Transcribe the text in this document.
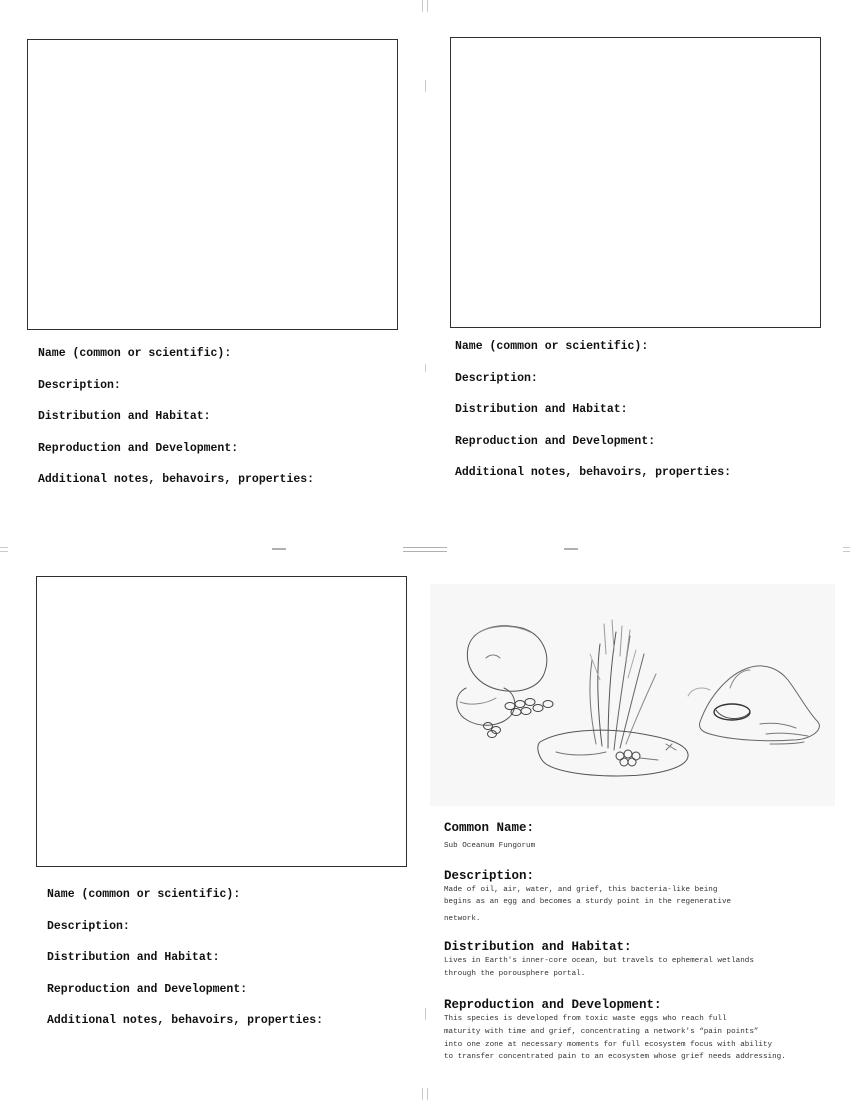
Name (common or scientific):
Description:
Distribution and Habitat:
Reproduction and Development:
Additional notes, behavoirs, properties:
Name (common or scientific):
Description:
Distribution and Habitat:
Reproduction and Development:
Additional notes, behavoirs, properties:
Name (common or scientific):
Description:
Distribution and Habitat:
Reproduction and Development:
Additional notes, behavoirs, properties:
Common Name:

Sub Oceanum Fungorum

Description:

Made of oil, air, water, and grief, this bacteria-like being

begins as an egg and becomes a sturdy point in the regenerative

network.

Distribution and Habitat:

Lives in Earth's inner-core ocean, but travels to ephemeral wetlands

through the porousphere portal.

Reproduction and Development:

This species is developed from toxic waste eggs who reach full

maturity with time and grief, concentrating a network's “pain points”

into one zone at necessary moments for full ecosystem focus with ability

to transfer concentrated pain to an ecosystem whose grief needs addressing.
